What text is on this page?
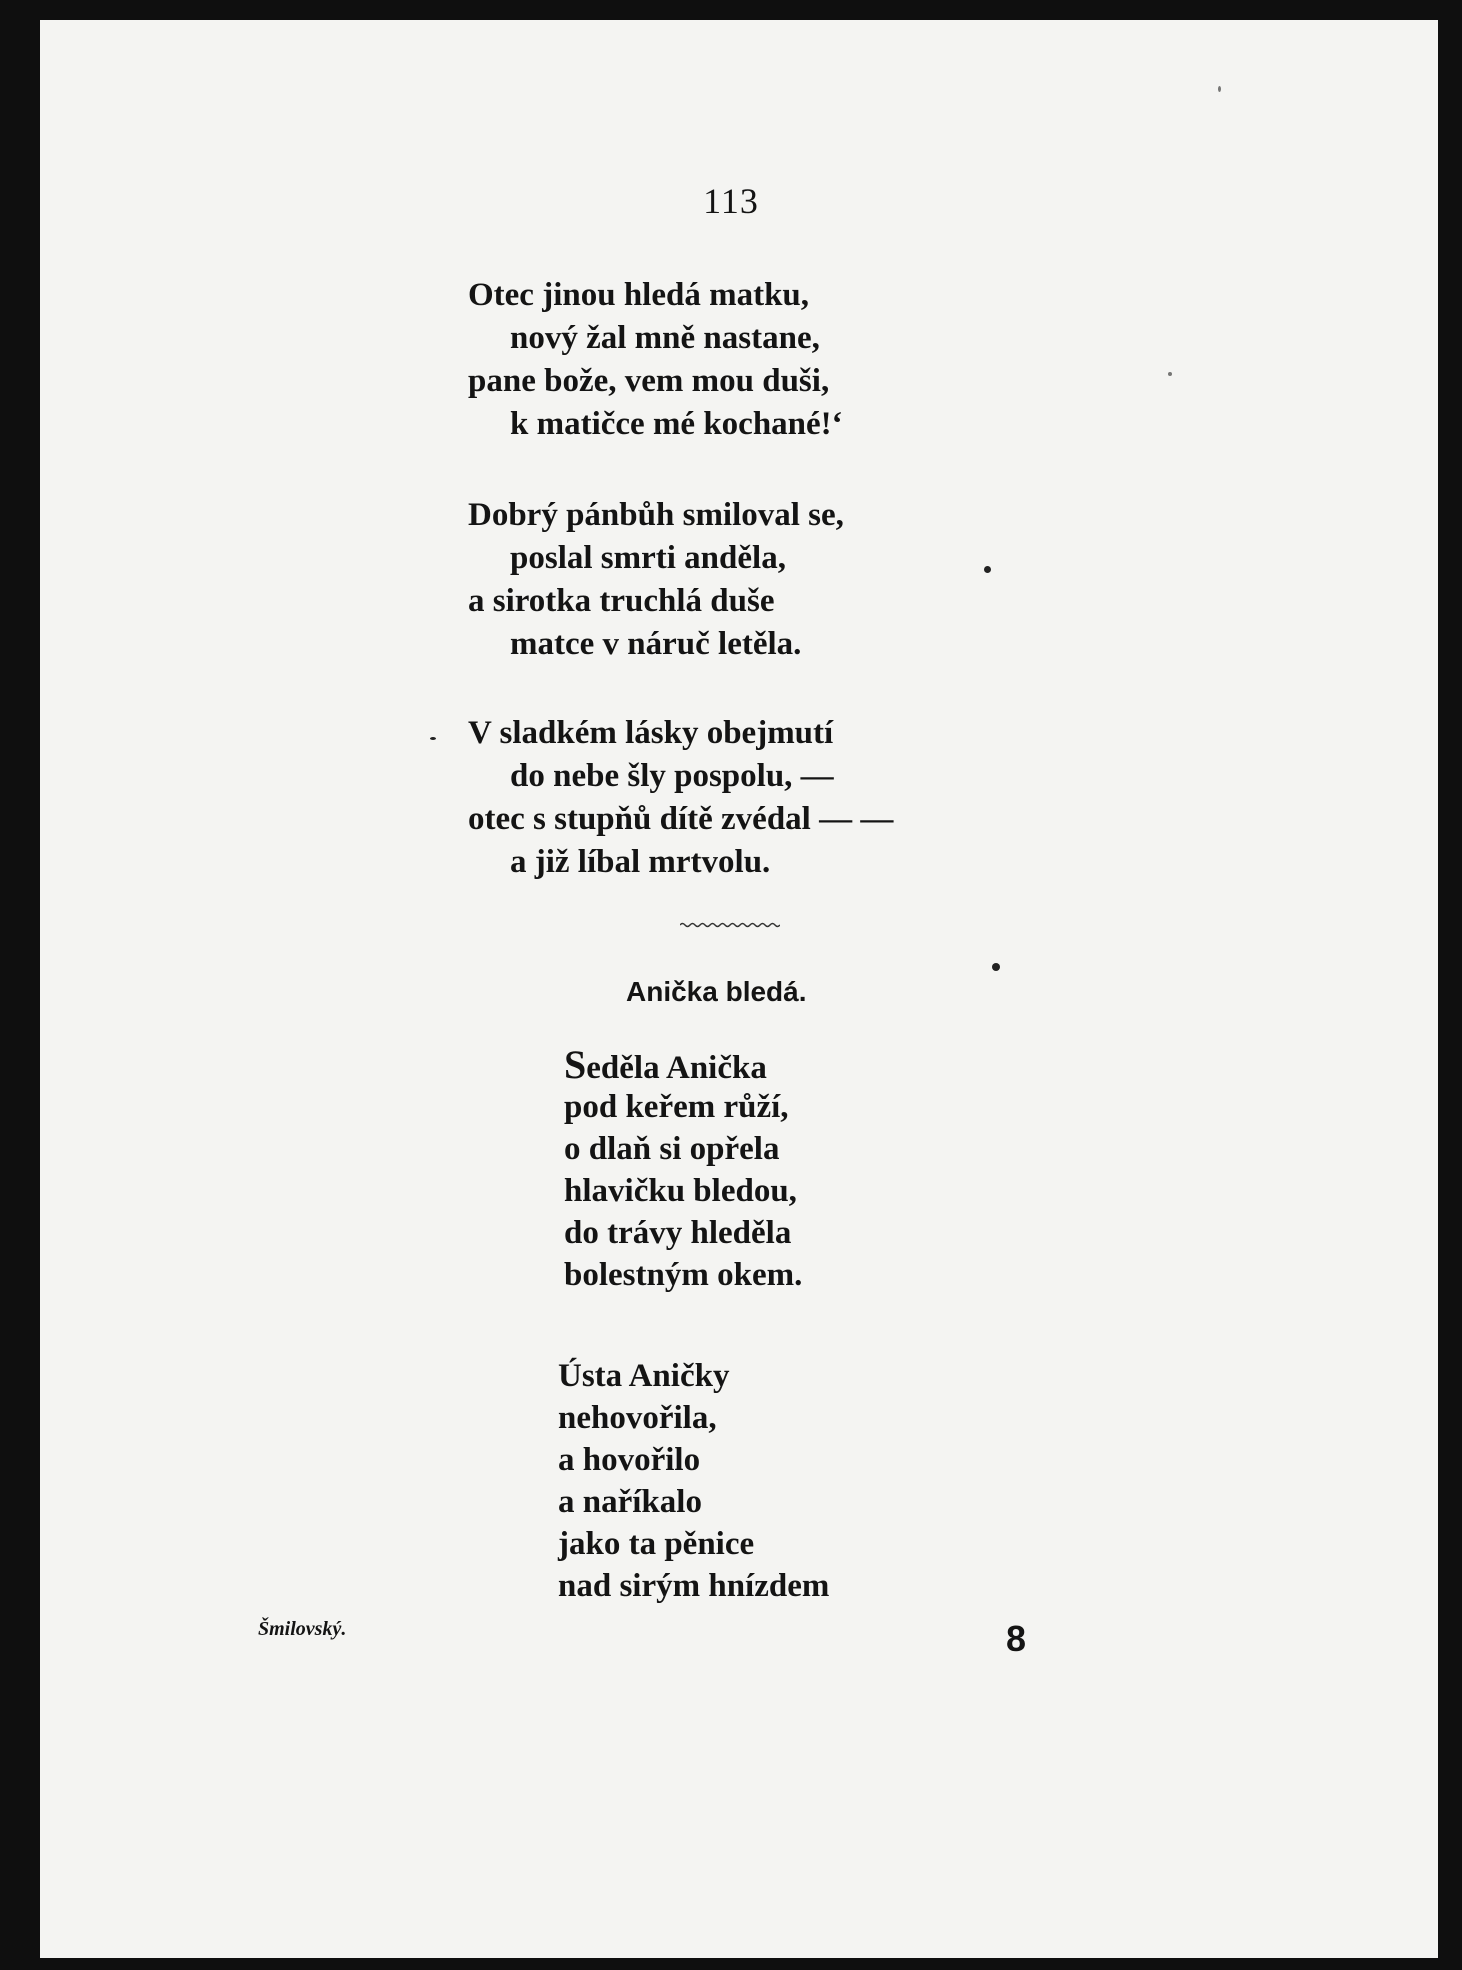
113
Otec jinou hledá matku,
nový žal mně nastane,
pane bože, vem mou duši,
k matičce mé kochané!‘
Dobrý pánbůh smiloval se,
poslal smrti anděla,
a sirotka truchlá duše
matce v náruč letěla.
V sladkém lásky obejmutí
do nebe šly pospolu, —
otec s stupňů dítě zvédal — —
a již líbal mrtvolu.
Anička bledá.
Seděla Anička
pod keřem růží,
o dlaň si opřela
hlavičku bledou,
do trávy hleděla
bolestným okem.
Ústa Aničky
nehovořila,
a hovořilo
a naříkalo
jako ta pěnice
nad sirým hnízdem
Šmilovský.	8
